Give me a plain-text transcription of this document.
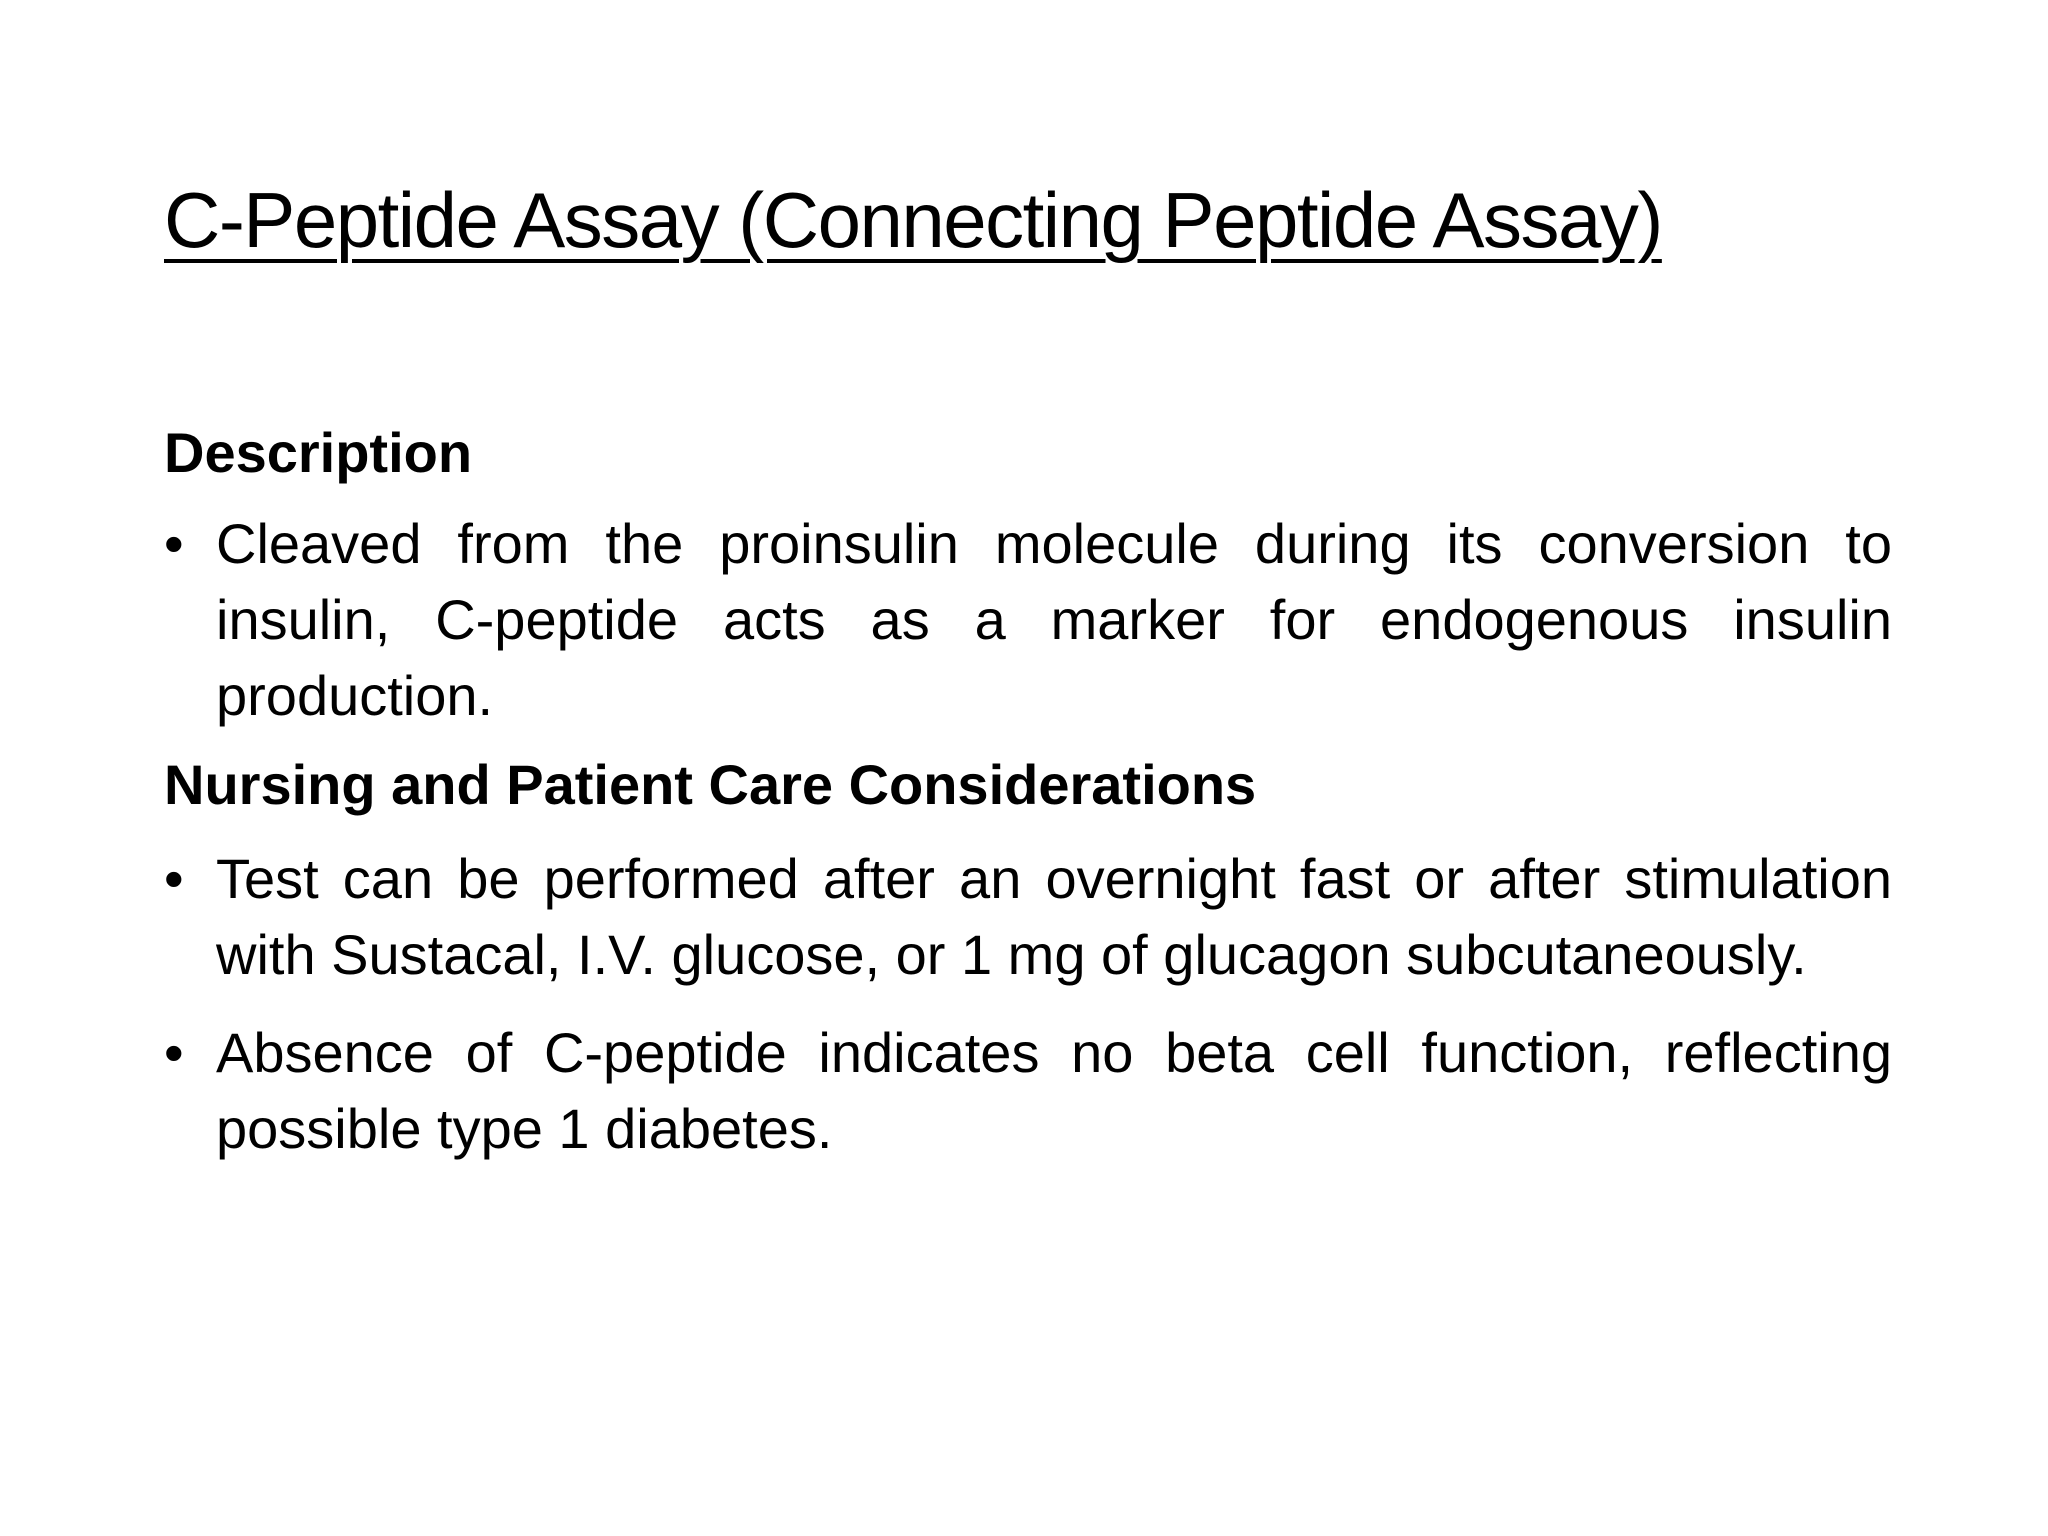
C-Peptide Assay (Connecting Peptide Assay)

Description

• Cleaved from the proinsulin molecule during its conversion to insulin, C-peptide acts as a marker for endogenous insulin production.

Nursing and Patient Care Considerations

• Test can be performed after an overnight fast or after stimulation with Sustacal, I.V. glucose, or 1 mg of glucagon subcutaneously.
• Absence of C-peptide indicates no beta cell function, reflecting possible type 1 diabetes.
